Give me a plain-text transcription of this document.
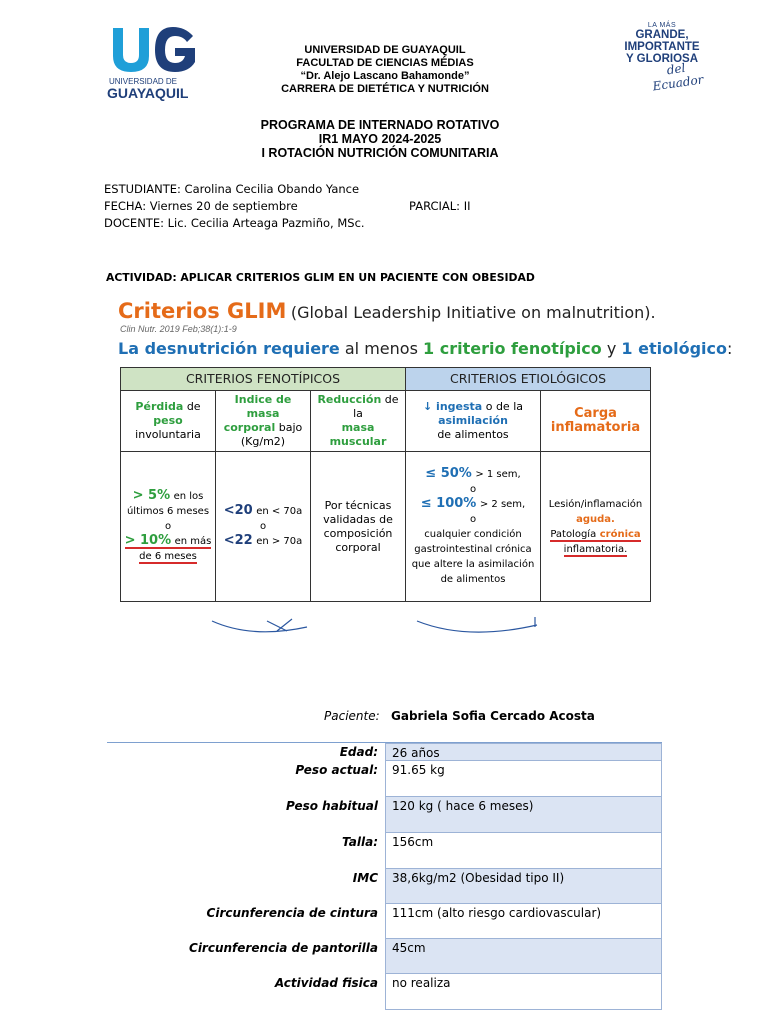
UNIVERSIDAD DE
GUAYAQUIL
UNIVERSIDAD DE GUAYAQUIL
FACULTAD DE CIENCIAS MÉDIAS
“Dr. Alejo Lascano Bahamonde”
CARRERA DE DIETÉTICA Y NUTRICIÓN
LA MÁS
GRANDE,
IMPORTANTE
Y GLORIOSA
del Ecuador
PROGRAMA DE INTERNADO ROTATIVO
IR1 MAYO 2024-2025
I ROTACIÓN NUTRICIÓN COMUNITARIA
ESTUDIANTE: Carolina Cecilia Obando Yance
FECHA: Viernes 20 de septiembre	PARCIAL: II
DOCENTE: Lic. Cecilia Arteaga Pazmiño, MSc.
ACTIVIDAD: APLICAR CRITERIOS GLIM EN UN PACIENTE CON OBESIDAD
Criterios GLIM (Global Leadership Initiative on malnutrition).
Clin Nutr. 2019 Feb;38(1):1-9
La desnutrición requiere al menos 1 criterio fenotípico y 1 etiológico:
CRITERIOS FENOTÍPICOS			CRITERIOS ETIOLÓGICOS	
Pérdida de
peso
involuntaria	Indice de masa
corporal bajo
(Kg/m2)	Reducción de la
masa
muscular	↓ ingesta o de la
asimilación
de alimentos	Carga
inflamatoria
> 5% en los últimos 6 meses
o
> 10% en más de 6 meses	<20 en < 70a
o
<22 en > 70a	Por técnicas validadas de composición corporal	≤ 50% > 1 sem,
o
≤ 100% > 2 sem,
o
cualquier condición gastrointestinal crónica que altere la asimilación de alimentos	Lesión/inflamación
aguda.
Patología crónica
inflamatoria.
Paciente: Gabriela Sofia Cercado Acosta
Edad:	26 años
Peso actual:	91.65 kg
Peso habitual	120 kg ( hace 6 meses)
Talla:	156cm
IMC	38,6kg/m2 (Obesidad tipo II)
Circunferencia de cintura	111cm (alto riesgo cardiovascular)
Circunferencia de pantorilla	45cm
Actividad fisica	no realiza
